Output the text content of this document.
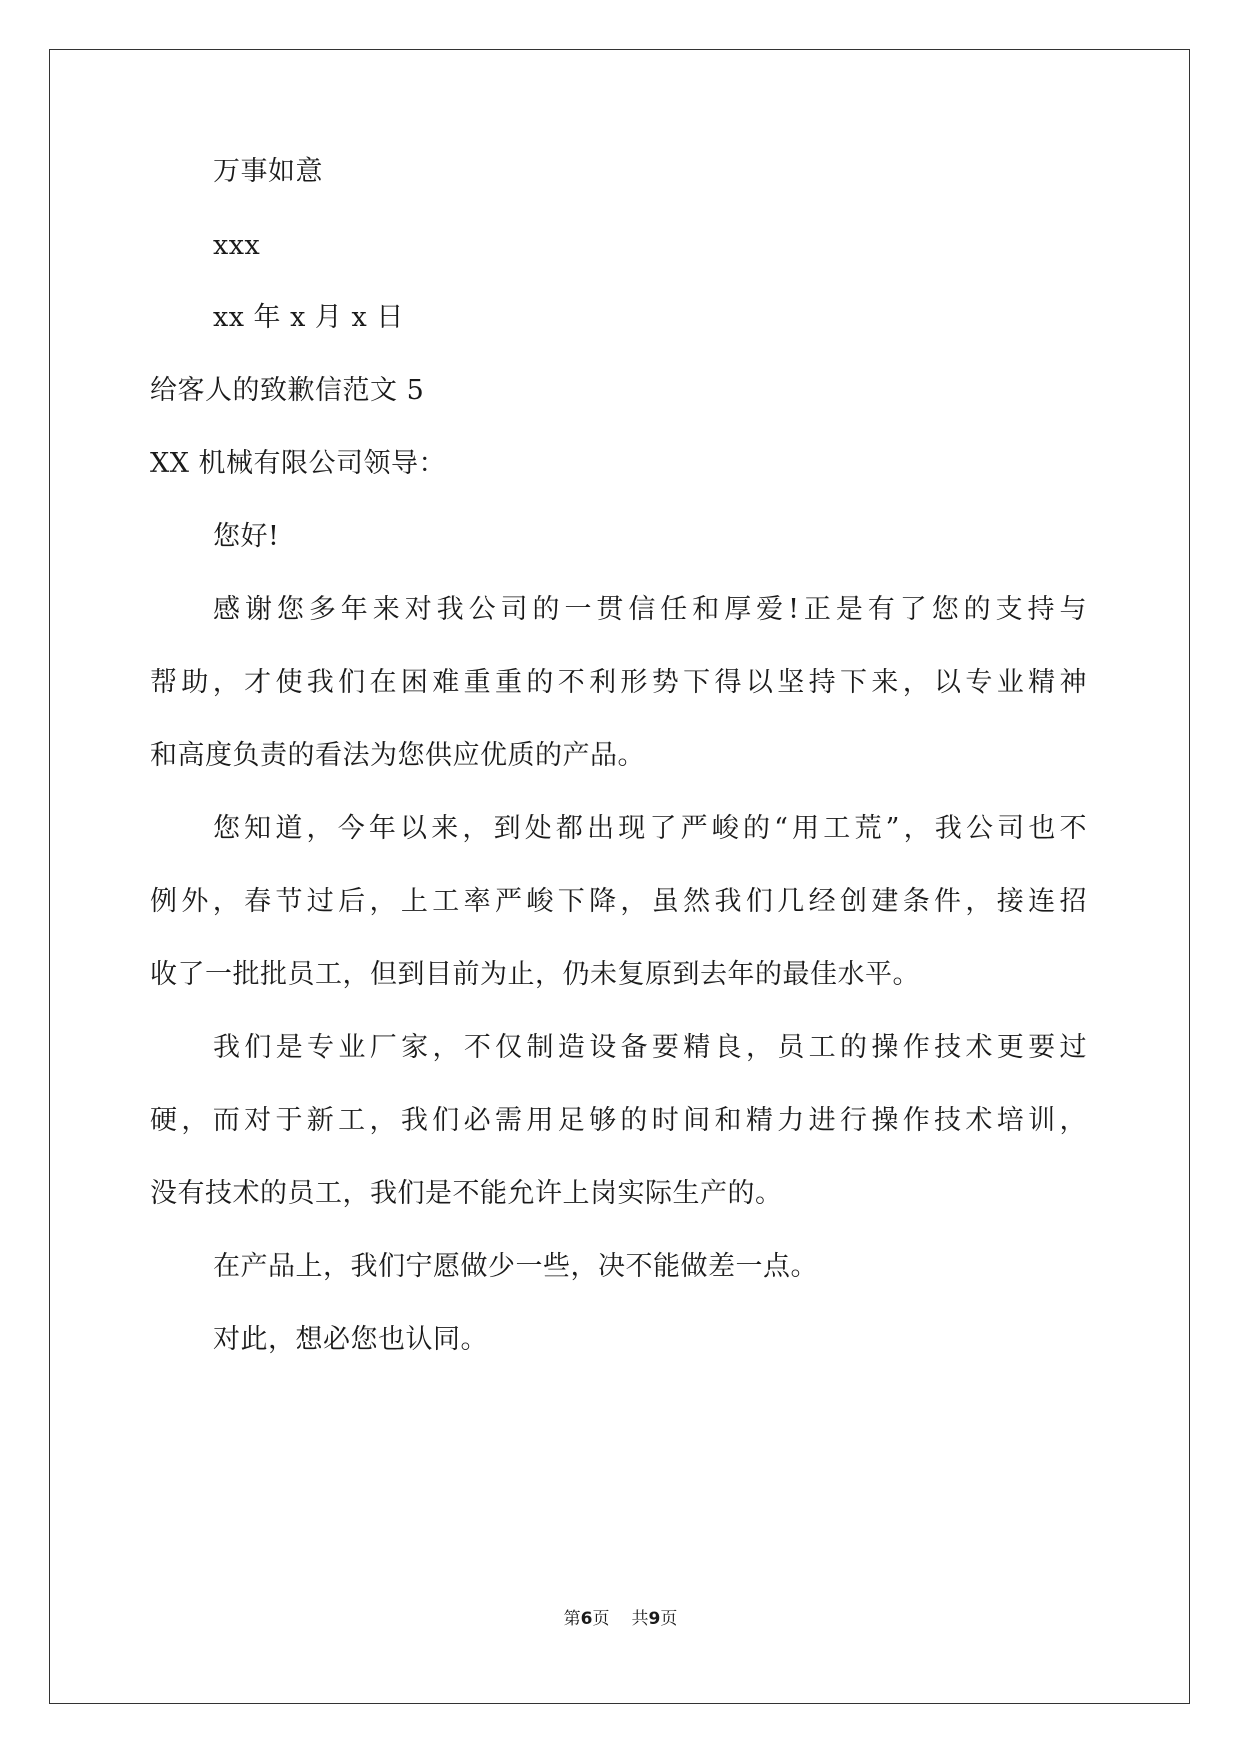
万事如意
xxx
xx 年 x 月 x 日
给客人的致歉信范文 5
XX 机械有限公司领导：
您好!
感谢您多年来对我公司的一贯信任和厚爱!正是有了您的支持与
帮助，才使我们在困难重重的不利形势下得以坚持下来，以专业精神
和高度负责的看法为您供应优质的产品。
您知道，今年以来，到处都出现了严峻的“用工荒”，我公司也不
例外，春节过后，上工率严峻下降，虽然我们几经创建条件，接连招
收了一批批员工，但到目前为止，仍未复原到去年的最佳水平。
我们是专业厂家，不仅制造设备要精良，员工的操作技术更要过
硬，而对于新工，我们必需用足够的时间和精力进行操作技术培训，
没有技术的员工，我们是不能允许上岗实际生产的。
在产品上，我们宁愿做少一些，决不能做差一点。
对此，想必您也认同。
第6页 共9页
